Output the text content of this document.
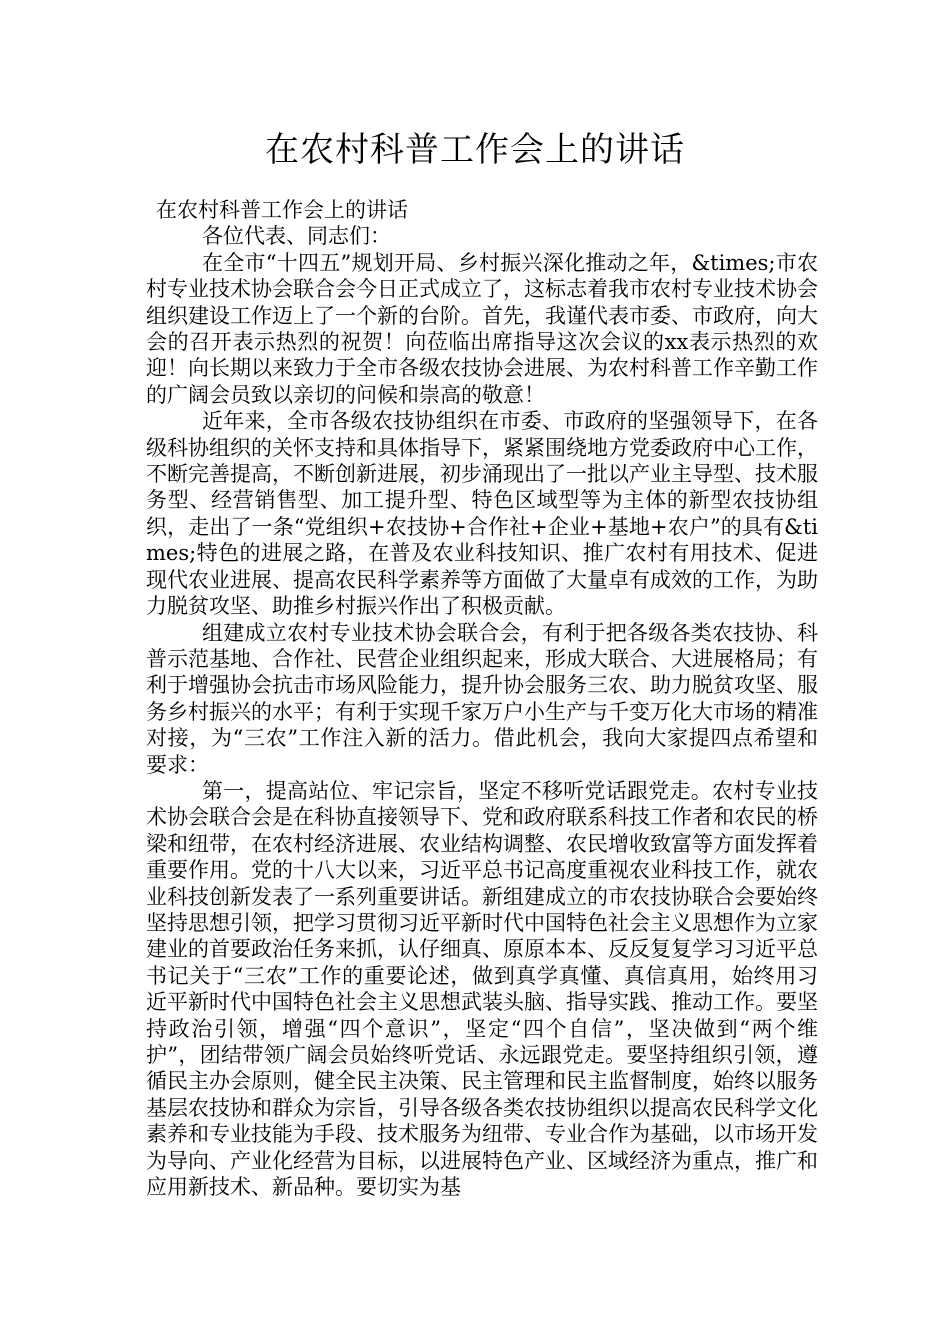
在农村科普工作会上的讲话

在农村科普工作会上的讲话

各位代表、同志们：

在全市“十四五”规划开局、乡村振兴深化推动之年，&times;市农村专业技术协会联合会今日正式成立了，这标志着我市农村专业技术协会组织建设工作迈上了一个新的台阶。首先，我谨代表市委、市政府，向大会的召开表示热烈的祝贺！向莅临出席指导这次会议的xx表示热烈的欢迎！向长期以来致力于全市各级农技协会进展、为农村科普工作辛勤工作的广阔会员致以亲切的问候和崇高的敬意！

近年来，全市各级农技协组织在市委、市政府的坚强领导下，在各级科协组织的关怀支持和具体指导下，紧紧围绕地方党委政府中心工作，不断完善提高，不断创新进展，初步涌现出了一批以产业主导型、技术服务型、经营销售型、加工提升型、特色区域型等为主体的新型农技协组织，走出了一条“党组织+农技协+合作社+企业+基地+农户”的具有&times;特色的进展之路，在普及农业科技知识、推广农村有用技术、促进现代农业进展、提高农民科学素养等方面做了大量卓有成效的工作，为助力脱贫攻坚、助推乡村振兴作出了积极贡献。

组建成立农村专业技术协会联合会，有利于把各级各类农技协、科普示范基地、合作社、民营企业组织起来，形成大联合、大进展格局；有利于增强协会抗击市场风险能力，提升协会服务三农、助力脱贫攻坚、服务乡村振兴的水平；有利于实现千家万户小生产与千变万化大市场的精准对接，为“三农”工作注入新的活力。借此机会，我向大家提四点希望和要求：

第一，提高站位、牢记宗旨，坚定不移听党话跟党走。农村专业技术协会联合会是在科协直接领导下、党和政府联系科技工作者和农民的桥梁和纽带，在农村经济进展、农业结构调整、农民增收致富等方面发挥着重要作用。党的十八大以来，习近平总书记高度重视农业科技工作，就农业科技创新发表了一系列重要讲话。新组建成立的市农技协联合会要始终坚持思想引领，把学习贯彻习近平新时代中国特色社会主义思想作为立家建业的首要政治任务来抓，认仔细真、原原本本、反反复复学习习近平总书记关于“三农”工作的重要论述，做到真学真懂、真信真用，始终用习近平新时代中国特色社会主义思想武装头脑、指导实践、推动工作。要坚持政治引领，增强“四个意识”，坚定“四个自信”，坚决做到“两个维护”，团结带领广阔会员始终听党话、永远跟党走。要坚持组织引领，遵循民主办会原则，健全民主决策、民主管理和民主监督制度，始终以服务基层农技协和群众为宗旨，引导各级各类农技协组织以提高农民科学文化素养和专业技能为手段、技术服务为纽带、专业合作为基础，以市场开发为导向、产业化经营为目标，以进展特色产业、区域经济为重点，推广和应用新技术、新品种。要切实为基
